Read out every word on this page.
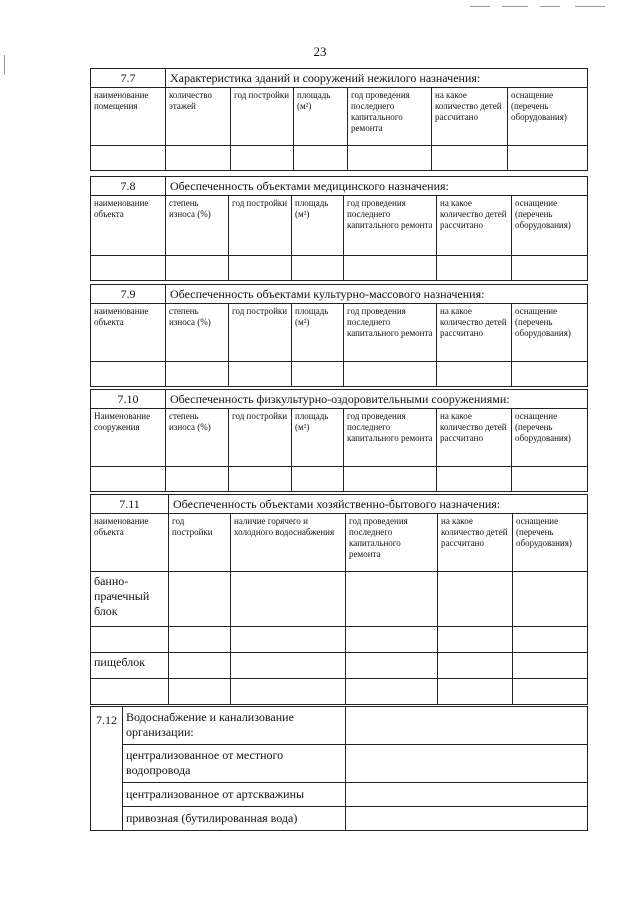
23
7.7	Характеристика зданий и сооружений нежилого назначения:					
наименование помещения	количество этажей	год постройки	площадь (м²)	год проведения последнего капитального ремонта	на какое количество детей рассчитано	оснащение (перечень оборудования)

7.8	Обеспеченность объектами медицинского назначения:					
наименование объекта	степень износа (%)	год постройки	площадь (м²)	год проведения последнего капитального ремонта	на какое количество детей рассчитано	оснащение (перечень оборудования)

7.9	Обеспеченность объектами культурно-массового назначения:					
наименование объекта	степень износа (%)	год постройки	площадь (м²)	год проведения последнего капитального ремонта	на какое количество детей рассчитано	оснащение (перечень оборудования)

7.10	Обеспеченность физкультурно-оздоровительными сооружениями:					
Наименование сооружения	степень износа (%)	год постройки	площадь (м²)	год проведения последнего капитального ремонта	на какое количество детей рассчитано	оснащение (перечень оборудования)

7.11	Обеспеченность объектами хозяйственно-бытового назначения:				
наименование объекта	год постройки	наличие горячего и холодного водоснабжения	год проведения последнего капитального ремонта	на какое количество детей рассчитано	оснащение (перечень оборудования)
банно-прачечный блок					

пищеблок					

7.12	Водоснабжение и канализование организации:	
	централизованное от местного водопровода	
	централизованное от артскважины	
	привозная (бутилированная вода)	
